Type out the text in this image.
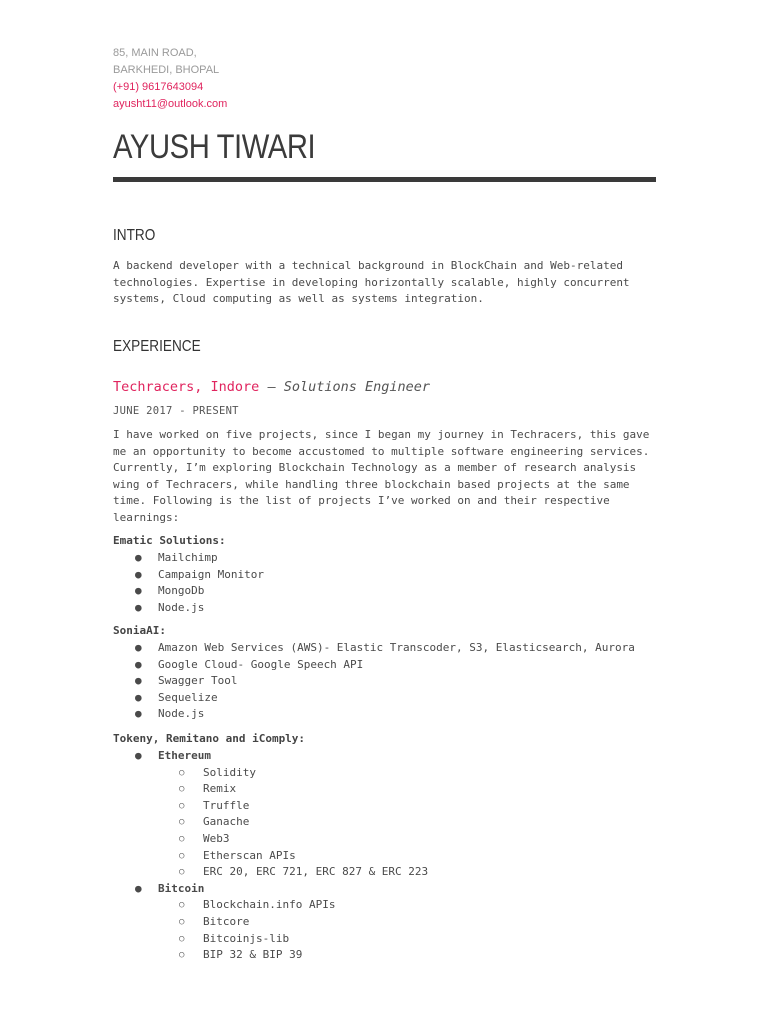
85, MAIN ROAD,
BARKHEDI, BHOPAL
(+91) 9617643094
ayusht11@outlook.com
AYUSH TIWARI
INTRO

A backend developer with a technical background in BlockChain and Web-related technologies. Expertise in developing horizontally scalable, highly concurrent systems, Cloud computing as well as systems integration.

EXPERIENCE
Techracers, Indore — Solutions Engineer
JUNE 2017 - PRESENT

I have worked on five projects, since I began my journey in Techracers, this gave me an opportunity to become accustomed to multiple software engineering services. Currently, I’m exploring Blockchain Technology as a member of research analysis wing of Techracers, while handling three blockchain based projects at the same time. Following is the list of projects I’ve worked on and their respective learnings:

Ematic Solutions:
● Mailchimp
● Campaign Monitor
● MongoDb
● Node.js
SoniaAI:
● Amazon Web Services (AWS)- Elastic Transcoder, S3, Elasticsearch, Aurora
● Google Cloud- Google Speech API
● Swagger Tool
● Sequelize
● Node.js
Tokeny, Remitano and iComply:
● Ethereum
○ Solidity
○ Remix
○ Truffle
○ Ganache
○ Web3
○ Etherscan APIs
○ ERC 20, ERC 721, ERC 827 & ERC 223
● Bitcoin
○ Blockchain.info APIs
○ Bitcore
○ Bitcoinjs-lib
○ BIP 32 & BIP 39
